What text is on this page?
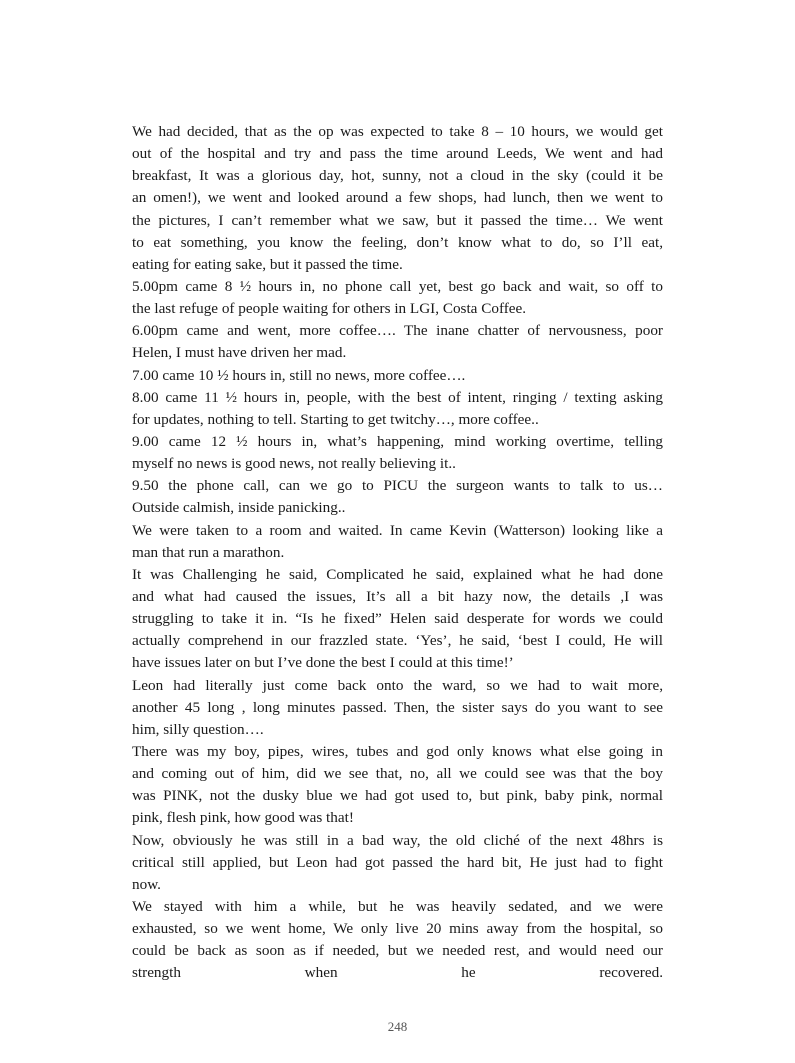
We had decided, that as the op was expected to take 8 – 10 hours, we would get
out of the hospital and try and pass the time around Leeds, We went and had
breakfast, It was a glorious day, hot, sunny, not a cloud in the sky (could it be
an omen!), we went and looked around a few shops, had lunch, then we went to
the pictures, I can’t remember what we saw, but it passed the time… We went
to eat something, you know the feeling, don’t know what to do, so I’ll eat,
eating for eating sake, but it passed the time.
5.00pm came 8 ½ hours in, no phone call yet, best go back and wait, so off to
the last refuge of people waiting for others in LGI, Costa Coffee.
6.00pm came and went, more coffee…. The inane chatter of nervousness, poor
Helen, I must have driven her mad.
7.00 came 10 ½ hours in, still no news, more coffee….
8.00 came 11 ½ hours in, people, with the best of intent, ringing / texting asking
for updates, nothing to tell. Starting to get twitchy…, more coffee..
9.00 came 12 ½ hours in, what’s happening, mind working overtime, telling
myself no news is good news, not really believing it..
9.50 the phone call, can we go to PICU the surgeon wants to talk to us…
Outside calmish, inside panicking..
We were taken to a room and waited. In came Kevin (Watterson) looking like a
man that run a marathon.
It was Challenging he said, Complicated he said, explained what he had done
and what had caused the issues, It’s all a bit hazy now, the details ,I was
struggling to take it in. “Is he fixed” Helen said desperate for words we could
actually comprehend in our frazzled state. ‘Yes’, he said, ‘best I could, He will
have issues later on but I’ve done the best I could at this time!’
Leon had literally just come back onto the ward, so we had to wait more,
another 45 long , long minutes passed. Then, the sister says do you want to see
him, silly question….
There was my boy, pipes, wires, tubes and god only knows what else going in
and coming out of him, did we see that, no, all we could see was that the boy
was PINK, not the dusky blue we had got used to, but pink, baby pink, normal
pink, flesh pink, how good was that!
Now, obviously he was still in a bad way, the old cliché of the next 48hrs is
critical still applied, but Leon had got passed the hard bit, He just had to fight
now.
We stayed with him a while, but he was heavily sedated, and we were
exhausted, so we went home, We only live 20 mins away from the hospital, so
could be back as soon as if needed, but we needed rest, and would need our
strength when he recovered.
248
